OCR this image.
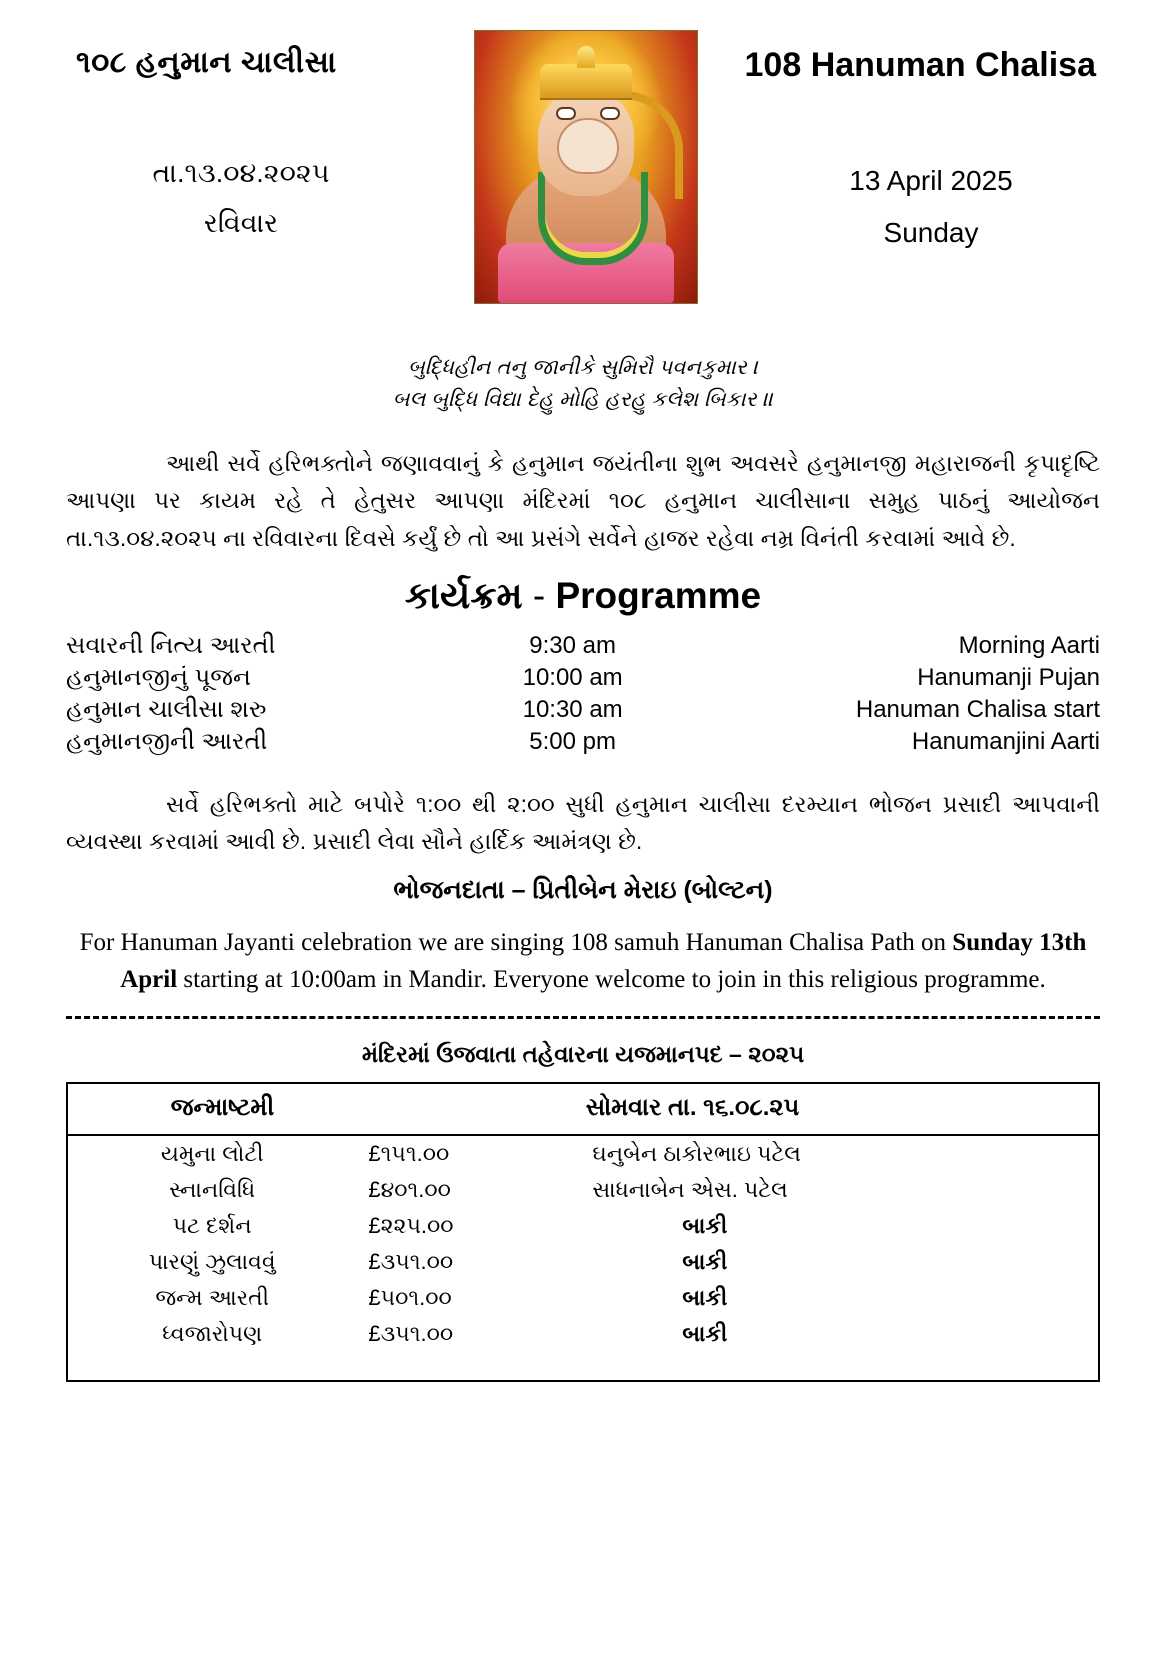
૧૦૮ હનુમાન ચાલીસા
તા.૧૩.૦૪.૨૦૨૫
રવિવાર
108 Hanuman Chalisa
13 April 2025
Sunday
બુદ્ધિહીન તનુ જાનીકે સુમિરૌ પવનકુમાર ।
બલ બુદ્ધિ વિદ્યા દેહુ મોહિ હરહુ કલેશ બિકાર ॥
આથી સર્વે હરિભક્તોને જણાવવાનું કે હનુમાન જયંતીના શુભ અવસરે હનુમાનજી મહારાજની કૃપાદૃષ્ટિ આપણા પર કાયમ રહે તે હેતુસર આપણા મંદિરમાં ૧૦૮ હનુમાન ચાલીસાના સમુહ પાઠનું આયોજન તા.૧૩.૦૪.૨૦૨૫ ના રવિવારના દિવસે કર્યું છે તો આ પ્રસંગે સર્વેને હાજર રહેવા નમ્ર વિનંતી કરવામાં આવે છે.
કાર્યક્રમ - Programme
સવારની નિત્ય આરતી	9:30 am	Morning Aarti
હનુમાનજીનું પૂજન	10:00 am	Hanumanji Pujan
હનુમાન ચાલીસા શરુ	10:30 am	Hanuman Chalisa start
હનુમાનજીની આરતી	5:00 pm	Hanumanjini Aarti
સર્વે હરિભક્તો માટે બપોરે ૧:૦૦ થી ૨:૦૦ સુધી હનુમાન ચાલીસા દરમ્યાન ભોજન પ્રસાદી આપવાની વ્યવસ્થા કરવામાં આવી છે. પ્રસાદી લેવા સૌને હાર્દિક આમંત્રણ છે.
ભોજનદાતા – પ્રિતીબેન મેરાઇ (બોલ્ટન)
For Hanuman Jayanti celebration we are singing 108 samuh Hanuman Chalisa Path on Sunday 13th April starting at 10:00am in Mandir. Everyone welcome to join in this religious programme.
મંદિરમાં ઉજવાતા તહેવારના યજમાનપદ – ૨૦૨૫
જન્માષ્ટમી	સોમવાર તા. ૧૬.૦૮.૨૫
યમુના લોટી	£૧૫૧.૦૦	ઘનુબેન ઠાકોરભાઇ પટેલ
સ્નાનવિધિ	£૪૦૧.૦૦	સાધનાબેન એસ. પટેલ
પટ દર્શન	£૨૨૫.૦૦	બાકી
પારણું ઝુલાવવું	£૩૫૧.૦૦	બાકી
જન્મ આરતી	£૫૦૧.૦૦	બાકી
ધ્વજારોપણ	£૩૫૧.૦૦	બાકી
